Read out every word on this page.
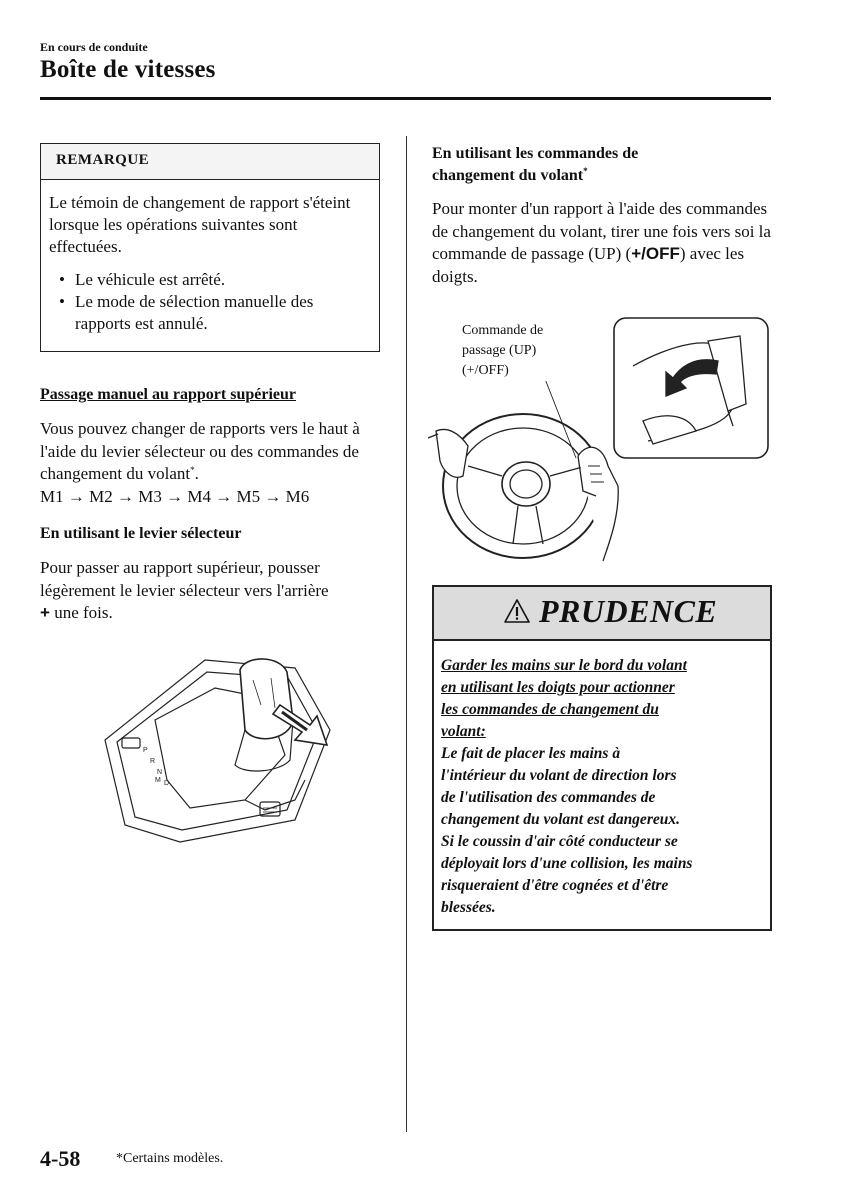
En cours de conduite
Boîte de vitesses
REMARQUE
Le témoin de changement de rapport s'éteint lorsque les opérations suivantes sont effectuées.
• Le véhicule est arrêté.
• Le mode de sélection manuelle des rapports est annulé.
Passage manuel au rapport supérieur
Vous pouvez changer de rapports vers le haut à l'aide du levier sélecteur ou des commandes de changement du volant*.
M1 → M2 → M3 → M4 → M5 → M6
En utilisant le levier sélecteur
Pour passer au rapport supérieur, pousser légèrement le levier sélecteur vers l'arrière
+ une fois.
P
R
N
D
M
En utilisant les commandes de
changement du volant*
Pour monter d'un rapport à l'aide des commandes de changement du volant, tirer une fois vers soi la commande de passage (UP) (+/OFF) avec les doigts.
Commande de
passage (UP)
(+/OFF)
PRUDENCE
Garder les mains sur le bord du volant
en utilisant les doigts pour actionner
les commandes de changement du
volant:
Le fait de placer les mains à
l'intérieur du volant de direction lors
de l'utilisation des commandes de
changement du volant est dangereux.
Si le coussin d'air côté conducteur se
déployait lors d'une collision, les mains
risqueraient d'être cognées et d'être
blessées.
4-58	*Certains modèles.
